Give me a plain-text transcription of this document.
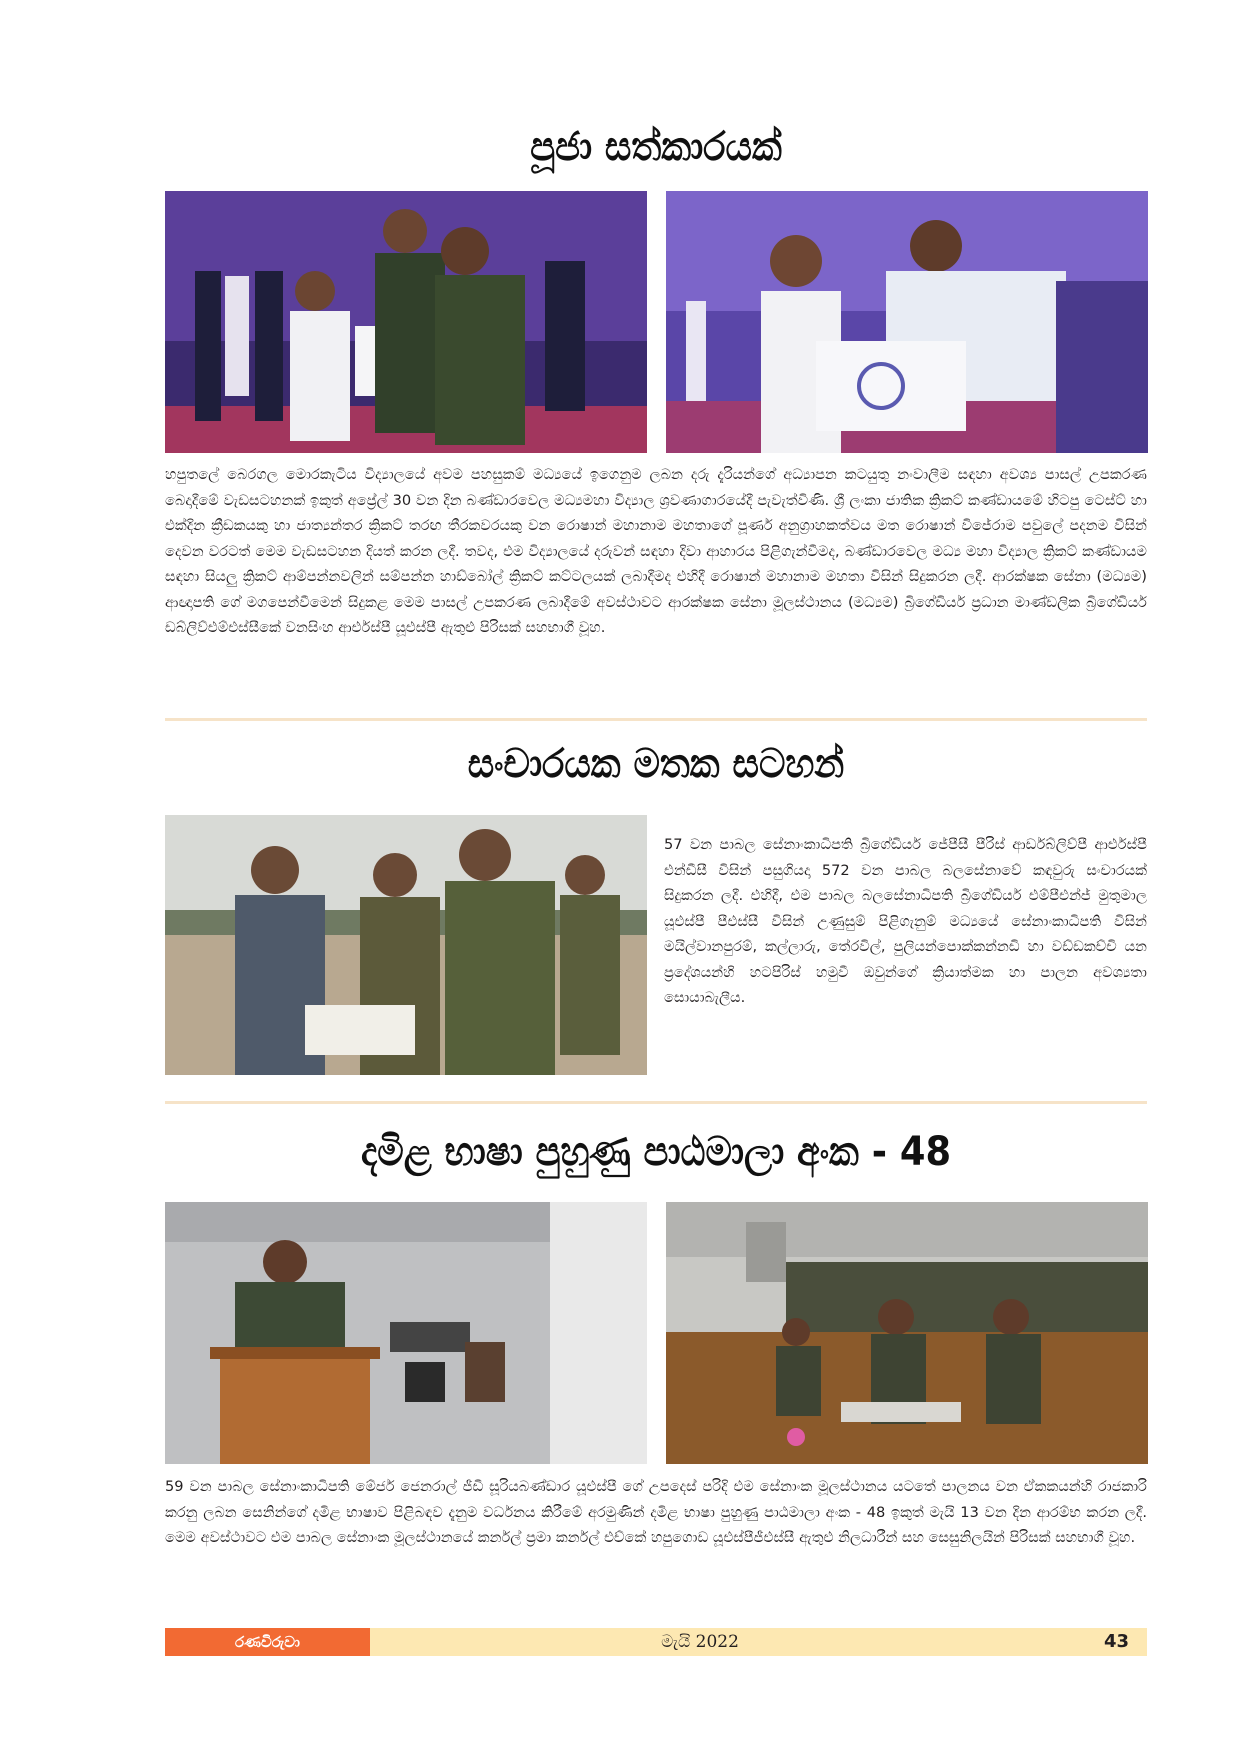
පූජා සත්කාරයක්
හපුතලේ බෙරගල මොරකැටිය විද්‍යාලයේ අවම පහසුකම් මධ්‍යයේ ඉගෙනුම ලබන දරු දැරියන්ගේ අධ්‍යාපන කටයුතු නංවාලීම සඳහා අවශ්‍ය පාසල් උපකරණ බෙදාදීමේ වැඩසටහනක් ඉකුත් අප්‍රේල් 30 වන දින බණ්ඩාරවෙල මධ්‍යමහා විද්‍යාල ශ්‍රවණාගාරයේදී පැවැත්විණි. ශ්‍රී ලංකා ජාතික ක්‍රිකට් කණ්ඩායමේ හිටපු ටෙස්ට් හා එක්දින ක්‍රීඩකයකු හා ජාත්‍යන්තර ක්‍රිකට් තරඟ තීරකවරයකු වන රොෂාන් මහානාම මහතාගේ පූර්ණ අනුග්‍රාහකත්වය මත රොෂාන් විජේරාම පවුලේ පදනම විසින් දෙවන වරටත් මෙම වැඩසටහන දියත් කරන ලදී. තවද, එම විද්‍යාලයේ දරුවන් සඳහා දිවා ආහාරය පිළිගැන්වීමද, බණ්ඩාරවෙල මධ්‍ය මහා විද්‍යාල ක්‍රිකට් කණ්ඩායම සඳහා සියලු ක්‍රිකට් ආම්පන්නවලින් සම්පන්න හාඩ්බෝල් ක්‍රිකට් කට්ටලයක් ලබාදීමද එහිදී රොෂාන් මහානාම මහතා විසින් සිදුකරන ලදී. ආරක්ෂක සේනා (මධ්‍යම) ආඥාපති ගේ මගපෙන්වීමෙන් සිදුකළ මෙම පාසල් උපකරණ ලබාදීමේ අවස්ථාවට ආරක්ෂක සේනා මූලස්ථානය (මධ්‍යම) බ්‍රිගේඩියර් ප්‍රධාන මාණ්ඩලික බ්‍රිගේඩියර් ඩබ්ලිව්එම්එස්සීකේ වනසිංහ ආර්එස්පී යූඑස්පී ඇතුළු පිරිසක් සහභාගී වූහ.
සංචාරයක මතක සටහන්
57 වන පාබල සේනාංකාධිපති බ්‍රිගේඩියර් ජේපීසී පීරිස් ආර්ඩබ්ලිව්පී ආර්එස්පී එන්ඩීසී විසින් පසුගියදා 572 වන පාබල බලසේනාවේ කඳවුරු සංචාරයක් සිදුකරන ලදී. එහිදී, එම පාබල බලසේනාධිපති බ්‍රිගේඩියර් එම්පීඑන්ජ් මුතුමාල යූඑස්පී පීඑස්සී විසින් උණුසුම් පිළිගැනුම් මධ්‍යයේ සේනාංකාධිපති විසින් මයිල්වානපුරම්, කල්ලාරු, තේරවිල්, පුලියන්පොක්කන්නඩි හා වඩ්ඩකච්චි යන ප්‍රදේශයන්හි හටපිරිස් හමුවී ඔවුන්ගේ ක්‍රියාත්මක හා පාලන අවශ්‍යතා සොයාබැලීය.
දමිළ භාෂා පුහුණු පාඨමාලා අංක - 48
59 වන පාබල සේනාංකාධිපති මේජර් ජෙනරාල් ජීඩී සූරියබණ්ඩාර යූඑස්පී ගේ උපදෙස් පරිදි එම සේනාංක මූලස්ථානය යටතේ පාලනය වන ඒකකයන්හි රාජකාරි කරනු ලබන සෙනින්ගේ දමිළ භාෂාව පිළිබඳව දැනුම වර්ධනය කිරීමේ අරමුණින් දමිළ භාෂා පුහුණු පාඨමාලා අංක - 48 ඉකුත් මැයි 13 වන දින ආරම්භ කරන ලදී. මෙම අවස්ථාවට එම පාබල සේනාංක මූලස්ථානයේ කර්නල් ප්‍රමා කර්නල් එච්කේ හපුගොඩ යූඑස්පීජීඑස්සී ඇතුළු නිලධාරීන් සහ සෙසුනිලයින් පිරිසක් සහභාගී වූහ.
රණවිරුවා	මැයි 2022	43
